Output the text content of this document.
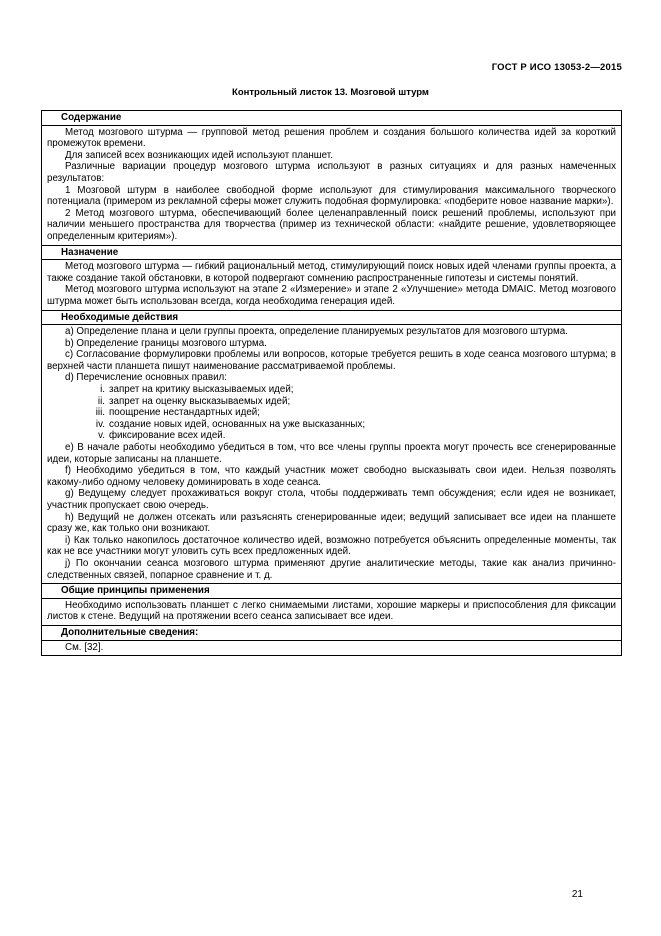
ГОСТ Р ИСО 13053-2—2015
Контрольный листок 13. Мозговой штурм
Содержание

Метод мозгового штурма — групповой метод решения проблем и создания большого количества идей за короткий промежуток времени.

Для записей всех возникающих идей используют планшет.

Различные вариации процедур мозгового штурма используют в разных ситуациях и для разных намеченных результатов:

1 Мозговой штурм в наиболее свободной форме используют для стимулирования максимального творческого потенциала (примером из рекламной сферы может служить подобная формулировка: «подберите новое название марки»).

2 Метод мозгового штурма, обеспечивающий более целенаправленный поиск решений проблемы, используют при наличии меньшего пространства для творчества (пример из технической области: «найдите решение, удовлетворяющее определенным критериям»).

Назначение

Метод мозгового штурма — гибкий рациональный метод, стимулирующий поиск новых идей членами группы проекта, а также создание такой обстановки, в которой подвергают сомнению распространенные гипотезы и системы понятий.

Метод мозгового штурма используют на этапе 2 «Измерение» и этапе 2 «Улучшение» метода DMAIC. Метод мозгового штурма может быть использован всегда, когда необходима генерация идей.

Необходимые действия

a) Определение плана и цели группы проекта, определение планируемых результатов для мозгового штурма.

b) Определение границы мозгового штурма.

c) Согласование формулировки проблемы или вопросов, которые требуется решить в ходе сеанса мозгового штурма; в верхней части планшета пишут наименование рассматриваемой проблемы.

d) Перечисление основных правил:

i. запрет на критику высказываемых идей;
ii. запрет на оценку высказываемых идей;
iii. поощрение нестандартных идей;
iv. создание новых идей, основанных на уже высказанных;
v. фиксирование всех идей.

e) В начале работы необходимо убедиться в том, что все члены группы проекта могут прочесть все сгенерированные идеи, которые записаны на планшете.

f) Необходимо убедиться в том, что каждый участник может свободно высказывать свои идеи. Нельзя позволять какому-либо одному человеку доминировать в ходе сеанса.

g) Ведущему следует прохаживаться вокруг стола, чтобы поддерживать темп обсуждения; если идея не возникает, участник пропускает свою очередь.

h) Ведущий не должен отсекать или разъяснять сгенерированные идеи; ведущий записывает все идеи на планшете сразу же, как только они возникают.

i) Как только накопилось достаточное количество идей, возможно потребуется объяснить определенные моменты, так как не все участники могут уловить суть всех предложенных идей.

j) По окончании сеанса мозгового штурма применяют другие аналитические методы, такие как анализ причинно-следственных связей, попарное сравнение и т. д.

Общие принципы применения

Необходимо использовать планшет с легко снимаемыми листами, хорошие маркеры и приспособления для фиксации листов к стене. Ведущий на протяжении всего сеанса записывает все идеи.

Дополнительные сведения:

См. [32].

21
